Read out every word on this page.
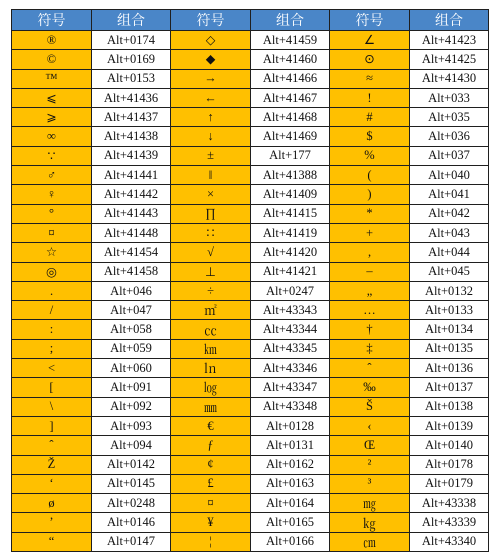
符号	组合	符号	组合	符号	组合
®	Alt+0174	◇	Alt+41459	∠	Alt+41423
©	Alt+0169	◆	Alt+41460	⊙	Alt+41425
™	Alt+0153	→	Alt+41466	≈	Alt+41430
⩽	Alt+41436	←	Alt+41467	!	Alt+033
⩾	Alt+41437	↑	Alt+41468	#	Alt+035
∞	Alt+41438	↓	Alt+41469	$	Alt+036
∵	Alt+41439	±	Alt+177	%	Alt+037
♂	Alt+41441	‖	Alt+41388	(	Alt+040
♀	Alt+41442	×	Alt+41409	)	Alt+041
°	Alt+41443	∏	Alt+41415	*	Alt+042
¤	Alt+41448	∷	Alt+41419	+	Alt+043
☆	Alt+41454	√	Alt+41420	,	Alt+044
◎	Alt+41458	⊥	Alt+41421	–	Alt+045
.	Alt+046	÷	Alt+0247	„	Alt+0132
/	Alt+047	㎡	Alt+43343	…	Alt+0133
:	Alt+058	㏄	Alt+43344	†	Alt+0134
;	Alt+059	㎞	Alt+43345	‡	Alt+0135
<	Alt+060	㏑	Alt+43346	ˆ	Alt+0136
[	Alt+091	㏒	Alt+43347	‰	Alt+0137
\	Alt+092	㎜	Alt+43348	Š	Alt+0138
]	Alt+093	€	Alt+0128	‹	Alt+0139
ˆ	Alt+094	ƒ	Alt+0131	Œ	Alt+0140
Ž	Alt+0142	¢	Alt+0162	²	Alt+0178
‘	Alt+0145	£	Alt+0163	³	Alt+0179
ø	Alt+0248	¤	Alt+0164	㎎	Alt+43338
’	Alt+0146	¥	Alt+0165	㎏	Alt+43339
“	Alt+0147	¦	Alt+0166	㎝	Alt+43340
